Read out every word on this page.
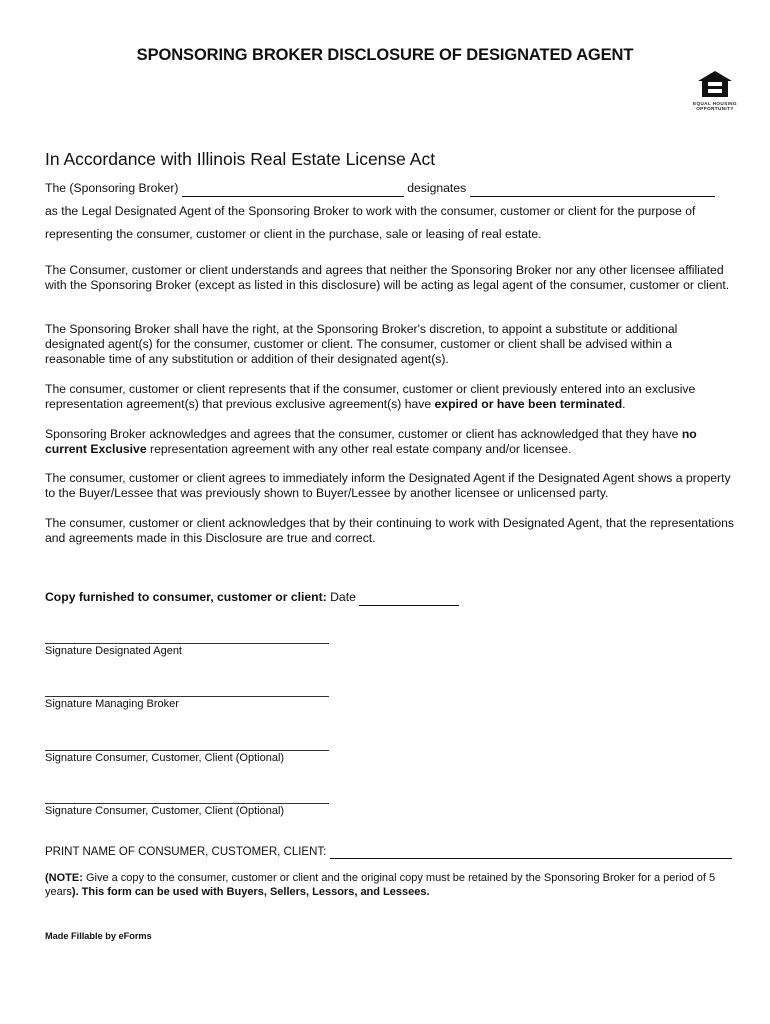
SPONSORING BROKER DISCLOSURE OF DESIGNATED AGENT
EQUAL HOUSING
OPPORTUNITY
In Accordance with Illinois Real Estate License Act
The (Sponsoring Broker)	designates
as the Legal Designated Agent of the Sponsoring Broker to work with the consumer, customer or client for the purpose of
representing the consumer, customer or client in the purchase, sale or leasing of real estate.
The Consumer, customer or client understands and agrees that neither the Sponsoring Broker nor any other licensee affiliated with the Sponsoring Broker (except as listed in this disclosure) will be acting as legal agent of the consumer, customer or client.
The Sponsoring Broker shall have the right, at the Sponsoring Broker's discretion, to appoint a substitute or additional designated agent(s) for the consumer, customer or client. The consumer, customer or client shall be advised within a reasonable time of any substitution or addition of their designated agent(s).
The consumer, customer or client represents that if the consumer, customer or client previously entered into an exclusive representation agreement(s) that previous exclusive agreement(s) have expired or have been terminated.
Sponsoring Broker acknowledges and agrees that the consumer, customer or client has acknowledged that they have no current Exclusive representation agreement with any other real estate company and/or licensee.
The consumer, customer or client agrees to immediately inform the Designated Agent if the Designated Agent shows a property to the Buyer/Lessee that was previously shown to Buyer/Lessee by another licensee or unlicensed party.
The consumer, customer or client acknowledges that by their continuing to work with Designated Agent, that the representations and agreements made in this Disclosure are true and correct.
Copy furnished to consumer, customer or client: Date
Signature Designated Agent
Signature Managing Broker
Signature Consumer, Customer, Client (Optional)
Signature Consumer, Customer, Client (Optional)
PRINT NAME OF CONSUMER, CUSTOMER, CLIENT:
(NOTE: Give a copy to the consumer, customer or client and the original copy must be retained by the Sponsoring Broker for a period of 5 years). This form can be used with Buyers, Sellers, Lessors, and Lessees.
Made Fillable by eForms
